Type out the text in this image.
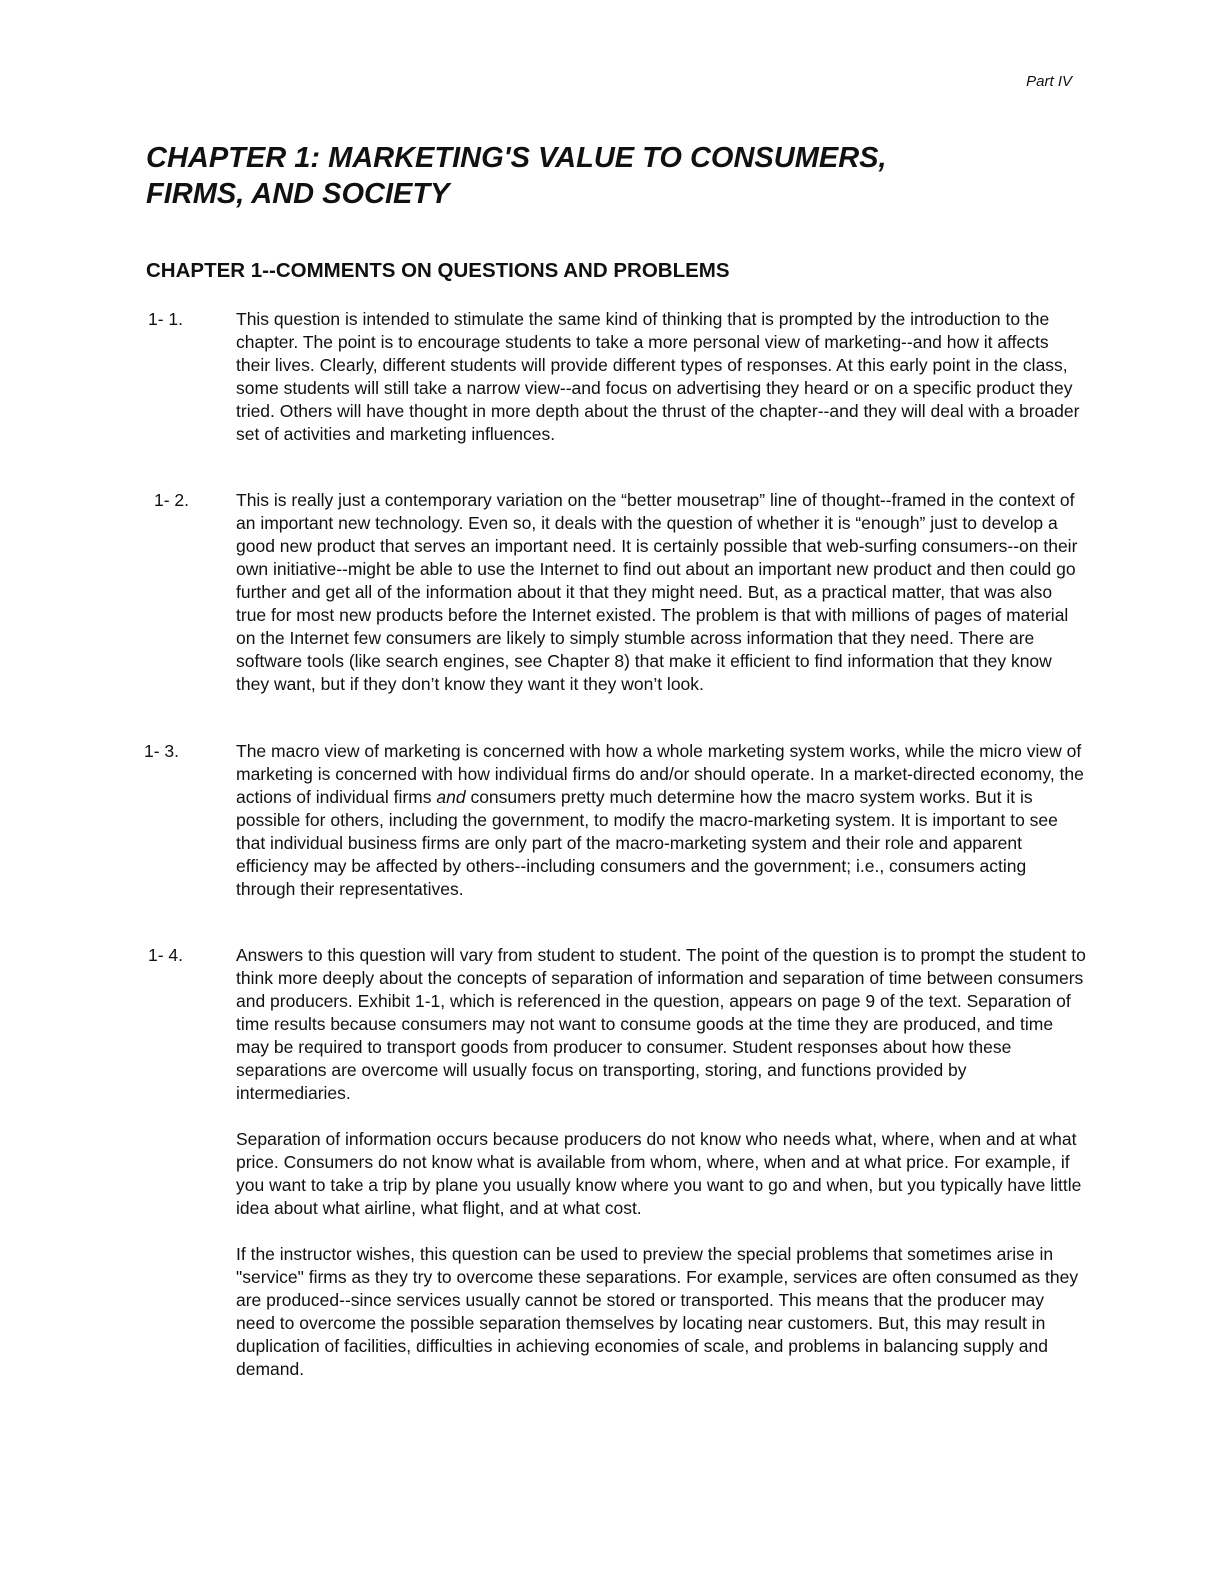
Part IV
CHAPTER 1: MARKETING'S VALUE TO CONSUMERS,
FIRMS, AND SOCIETY
CHAPTER 1--COMMENTS ON QUESTIONS AND PROBLEMS
1- 1.	This question is intended to stimulate the same kind of thinking that is prompted by the introduction to the chapter. The point is to encourage students to take a more personal view of marketing--and how it affects their lives. Clearly, different students will provide different types of responses. At this early point in the class, some students will still take a narrow view--and focus on advertising they heard or on a specific product they tried. Others will have thought in more depth about the thrust of the chapter--and they will deal with a broader set of activities and marketing influences.

1- 2.	This is really just a contemporary variation on the “better mousetrap” line of thought--framed in the context of an important new technology. Even so, it deals with the question of whether it is “enough” just to develop a good new product that serves an important need. It is certainly possible that web-surfing consumers--on their own initiative--might be able to use the Internet to find out about an important new product and then could go further and get all of the information about it that they might need. But, as a practical matter, that was also true for most new products before the Internet existed. The problem is that with millions of pages of material on the Internet few consumers are likely to simply stumble across information that they need. There are software tools (like search engines, see Chapter 8) that make it efficient to find information that they know they want, but if they don’t know they want it they won’t look.

1- 3.	The macro view of marketing is concerned with how a whole marketing system works, while the micro view of marketing is concerned with how individual firms do and/or should operate. In a market-directed economy, the actions of individual firms and consumers pretty much determine how the macro system works. But it is possible for others, including the government, to modify the macro-marketing system. It is important to see that individual business firms are only part of the macro-marketing system and their role and apparent efficiency may be affected by others--including consumers and the government; i.e., consumers acting through their representatives.

1- 4.	Answers to this question will vary from student to student. The point of the question is to prompt the student to think more deeply about the concepts of separation of information and separation of time between consumers and producers. Exhibit 1-1, which is referenced in the question, appears on page 9 of the text. Separation of time results because consumers may not want to consume goods at the time they are produced, and time may be required to transport goods from producer to consumer. Student responses about how these separations are overcome will usually focus on transporting, storing, and functions provided by intermediaries.

Separation of information occurs because producers do not know who needs what, where, when and at what price. Consumers do not know what is available from whom, where, when and at what price. For example, if you want to take a trip by plane you usually know where you want to go and when, but you typically have little idea about what airline, what flight, and at what cost.

If the instructor wishes, this question can be used to preview the special problems that sometimes arise in "service" firms as they try to overcome these separations. For example, services are often consumed as they are produced--since services usually cannot be stored or transported. This means that the producer may need to overcome the possible separation themselves by locating near customers. But, this may result in duplication of facilities, difficulties in achieving economies of scale, and problems in balancing supply and demand.
